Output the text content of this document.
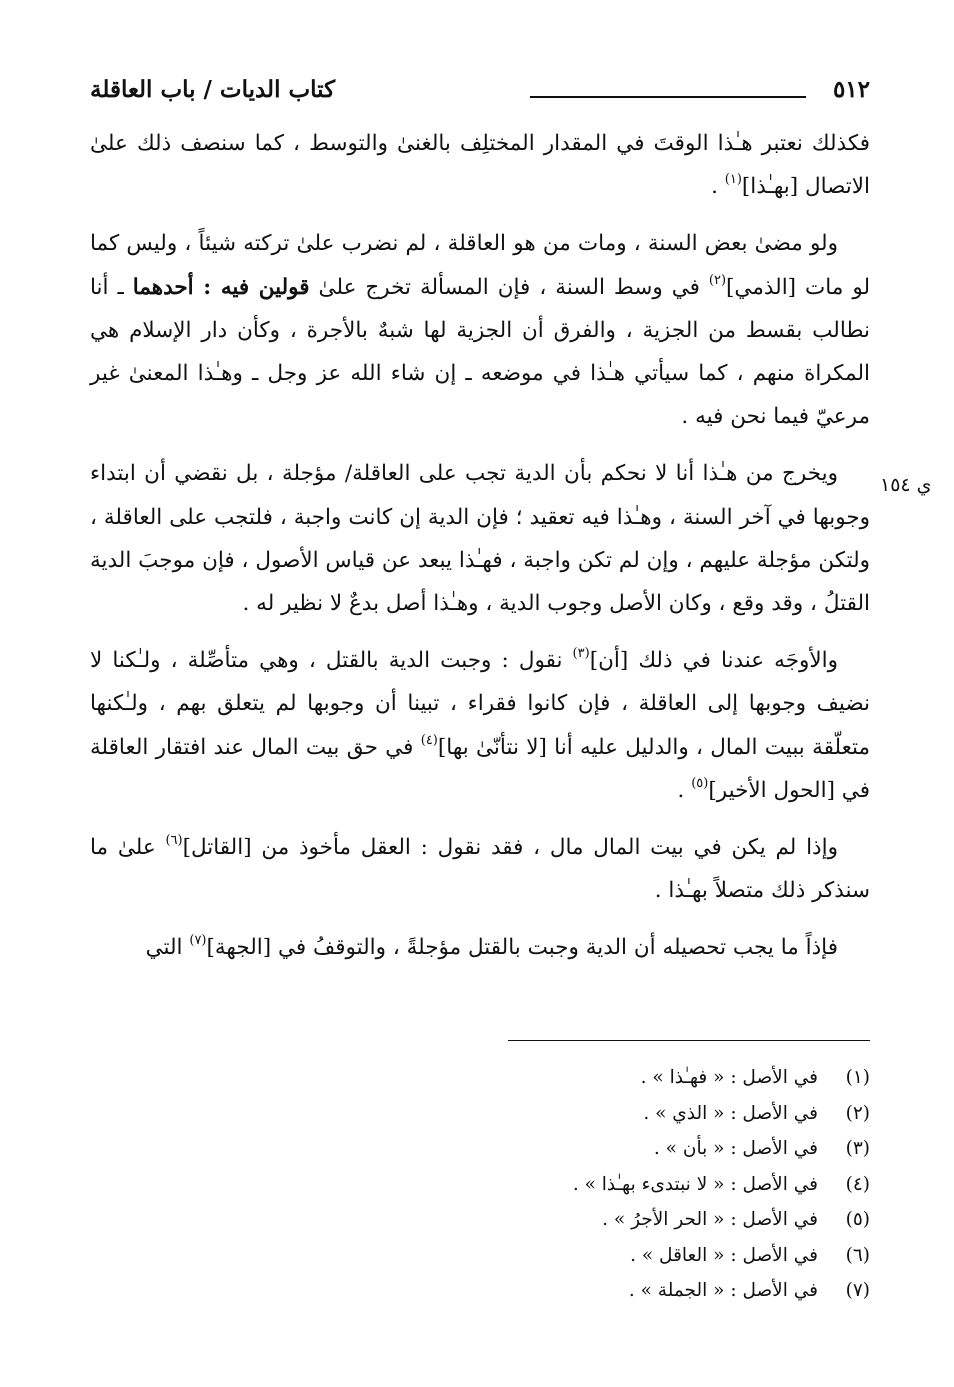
٥١٢
كتاب الديات / باب العاقلة
ي ١٥٤

فكذلك نعتبر هـٰذا الوقتَ في المقدار المختلِف بالغنىٰ والتوسط ، كما سنصف ذلك علىٰ الاتصال [بهـٰذا]$^{(١)}$ .

ولو مضىٰ بعض السنة ، ومات من هو العاقلة ، لم نضرب علىٰ تركته شيئاً ، وليس كما لو مات [الذمي]$^{(٢)}$ في وسط السنة ، فإن المسألة تخرج علىٰ قولين فيه : أحدهما ـ أنا نطالب بقسط من الجزية ، والفرق أن الجزية لها شبهٌ بالأجرة ، وكأن دار الإسلام هي المكراة منهم ، كما سيأتي هـٰذا في موضعه ـ إن شاء الله عز وجل ـ وهـٰذا المعنىٰ غير مرعيّ فيما نحن فيه .

ويخرج من هـٰذا أنا لا نحكم بأن الدية تجب على العاقلة/ مؤجلة ، بل نقضي أن ابتداء وجوبها في آخر السنة ، وهـٰذا فيه تعقيد ؛ فإن الدية إن كانت واجبة ، فلتجب على العاقلة ، ولتكن مؤجلة عليهم ، وإن لم تكن واجبة ، فهـٰذا يبعد عن قياس الأصول ، فإن موجبَ الدية القتلُ ، وقد وقع ، وكان الأصل وجوب الدية ، وهـٰذا أصل بدعٌ لا نظير له .

والأوجَه عندنا في ذلك [أن]$^{(٣)}$ نقول : وجبت الدية بالقتل ، وهي متأصِّلة ، ولـٰكنا لا نضيف وجوبها إلى العاقلة ، فإن كانوا فقراء ، تبينا أن وجوبها لم يتعلق بهم ، ولـٰكنها متعلّقة ببيت المال ، والدليل عليه أنا [لا نتأنّىٰ بها]$^{(٤)}$ في حق بيت المال عند افتقار العاقلة في [الحول الأخير]$^{(٥)}$ .

وإذا لم يكن في بيت المال مال ، فقد نقول : العقل مأخوذ من [القاتل]$^{(٦)}$ علىٰ ما سنذكر ذلك متصلاً بهـٰذا .

فإذاً ما يجب تحصيله أن الدية وجبت بالقتل مؤجلةً ، والتوقفُ في [الجهة]$^{(٧)}$ التي

(١)
في الأصل : « فهـٰذا » .
(٢)
في الأصل : « الذي » .
(٣)
في الأصل : « بأن » .
(٤)
في الأصل : « لا نبتدىء بهـٰذا » .
(٥)
في الأصل : « الحر الأجرُ » .
(٦)
في الأصل : « العاقل » .
(٧)
في الأصل : « الجملة » .
